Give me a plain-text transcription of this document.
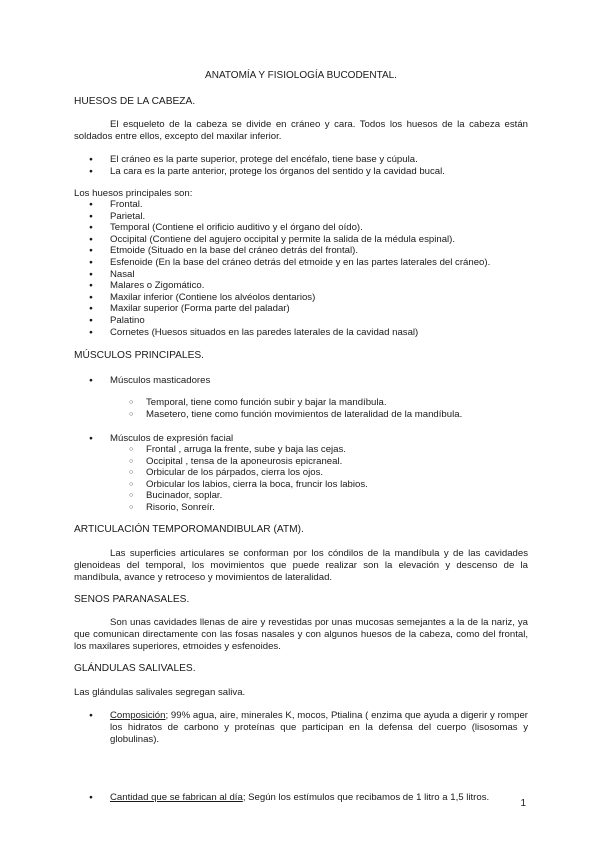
ANATOMÍA Y FISIOLOGÍA BUCODENTAL.
HUESOS DE LA CABEZA.
El esqueleto de la cabeza se divide en cráneo y cara. Todos los huesos de la cabeza están soldados entre ellos, excepto del maxilar inferior.
● El cráneo es la parte superior, protege del encéfalo, tiene base y cúpula.
● La cara es la parte anterior, protege los órganos del sentido y la cavidad bucal.
Los huesos principales son:
● Frontal.
● Parietal.
● Temporal (Contiene el orificio auditivo y el órgano del oído).
● Occipital (Contiene del agujero occipital y permite la salida de la médula espinal).
● Etmoide (Situado en la base del cráneo detrás del frontal).
● Esfenoide (En la base del cráneo detrás del etmoide y en las partes laterales del cráneo).
● Nasal
● Malares o Zigomático.
● Maxilar inferior (Contiene los alvéolos dentarios)
● Maxilar superior (Forma parte del paladar)
● Palatino
● Cornetes (Huesos situados en las paredes laterales de la cavidad nasal)
MÚSCULOS PRINCIPALES.
● Músculos masticadores
○ Temporal, tiene como función subir y bajar la mandíbula.
○ Masetero, tiene como función movimientos de lateralidad de la mandíbula.
● Músculos de expresión facial
○ Frontal , arruga la frente, sube y baja las cejas.
○ Occipital , tensa de la aponeurosis epicraneal.
○ Orbicular de los párpados, cierra los ojos.
○ Orbicular los labios, cierra la boca, fruncir los labios.
○ Bucinador, soplar.
○ Risorio, Sonreír.
ARTICULACIÓN TEMPOROMANDIBULAR (ATM).
Las superficies articulares se conforman por los cóndilos de la mandíbula y de las cavidades glenoideas del temporal, los movimientos que puede realizar son la elevación y descenso de la mandíbula, avance y retroceso y movimientos de lateralidad.
SENOS PARANASALES.
Son unas cavidades llenas de aire y revestidas por unas mucosas semejantes a la de la nariz, ya que comunican directamente con las fosas nasales y con algunos huesos de la cabeza, como del frontal, los maxilares superiores, etmoides y esfenoides.
GLÁNDULAS SALIVALES.
Las glándulas salivales segregan saliva.
● Composición; 99% agua, aire, minerales K, mocos, Ptialina ( enzima que ayuda a digerir y romper los hidratos de carbono y proteínas que participan en la defensa del cuerpo (lisosomas y globulinas).
● Cantidad que se fabrican al día; Según los estímulos que recibamos de 1 litro a 1,5 litros.
1
